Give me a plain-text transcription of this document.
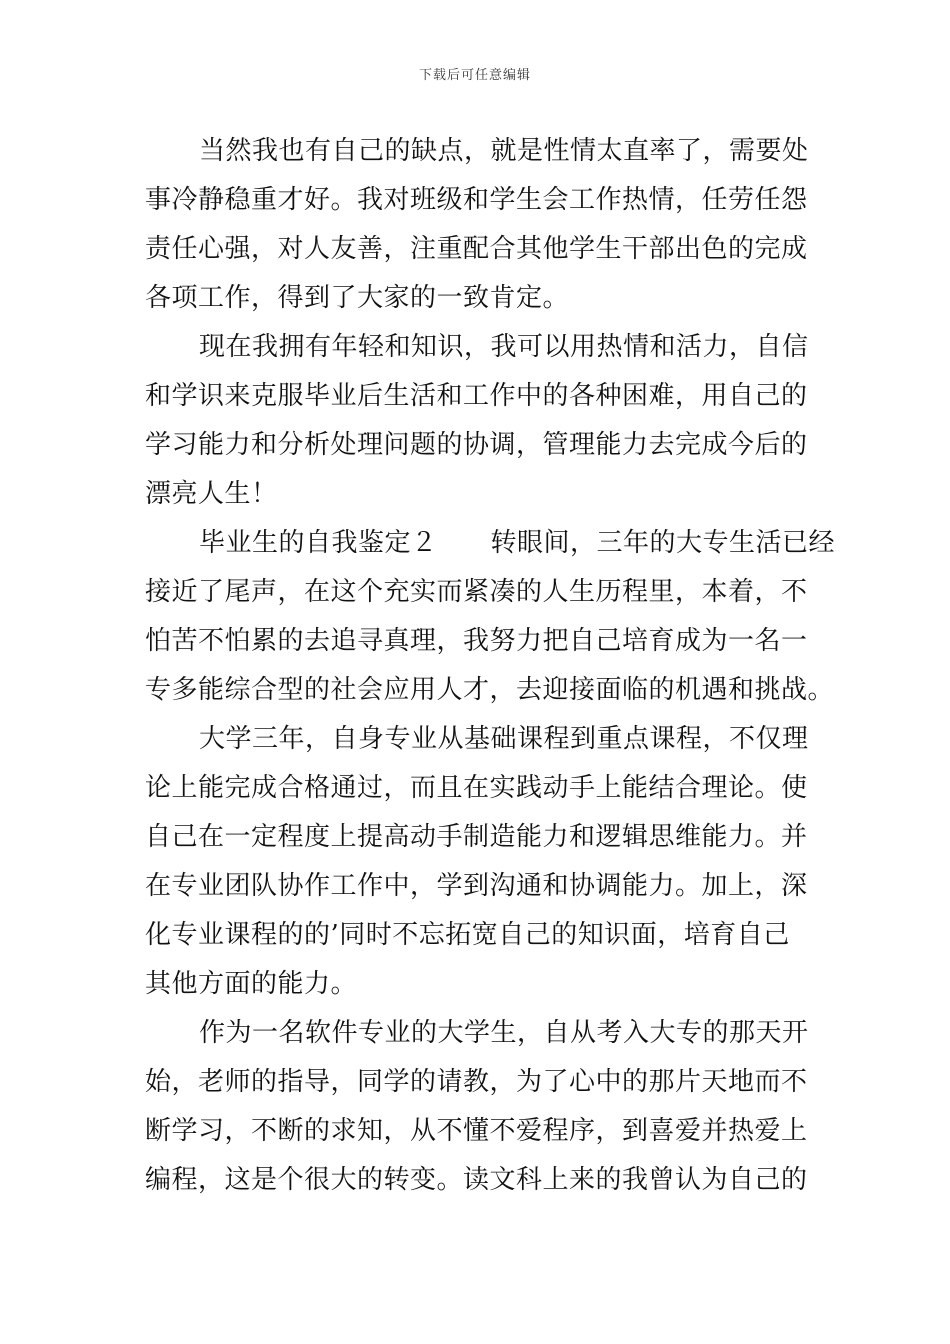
下载后可任意编辑
当然我也有自己的缺点，就是性情太直率了，需要处
事冷静稳重才好。我对班级和学生会工作热情，任劳任怨
责任心强，对人友善，注重配合其他学生干部出色的完成
各项工作，得到了大家的一致肯定。
现在我拥有年轻和知识，我可以用热情和活力，自信
和学识来克服毕业后生活和工作中的各种困难，用自己的
学习能力和分析处理问题的协调，管理能力去完成今后的
漂亮人生！
毕业生的自我鉴定２　　转眼间，三年的大专生活已经
接近了尾声，在这个充实而紧凑的人生历程里，本着，不
怕苦不怕累的去追寻真理，我努力把自己培育成为一名一
专多能综合型的社会应用人才，去迎接面临的机遇和挑战。
大学三年，自身专业从基础课程到重点课程，不仅理
论上能完成合格通过，而且在实践动手上能结合理论。使
自己在一定程度上提高动手制造能力和逻辑思维能力。并
在专业团队协作工作中，学到沟通和协调能力。加上，深
化专业课程的的’同时不忘拓宽自己的知识面，培育自己
其他方面的能力。
作为一名软件专业的大学生，自从考入大专的那天开
始，老师的指导，同学的请教，为了心中的那片天地而不
断学习，不断的求知，从不懂不爱程序，到喜爱并热爱上
编程，这是个很大的转变。读文科上来的我曾认为自己的
